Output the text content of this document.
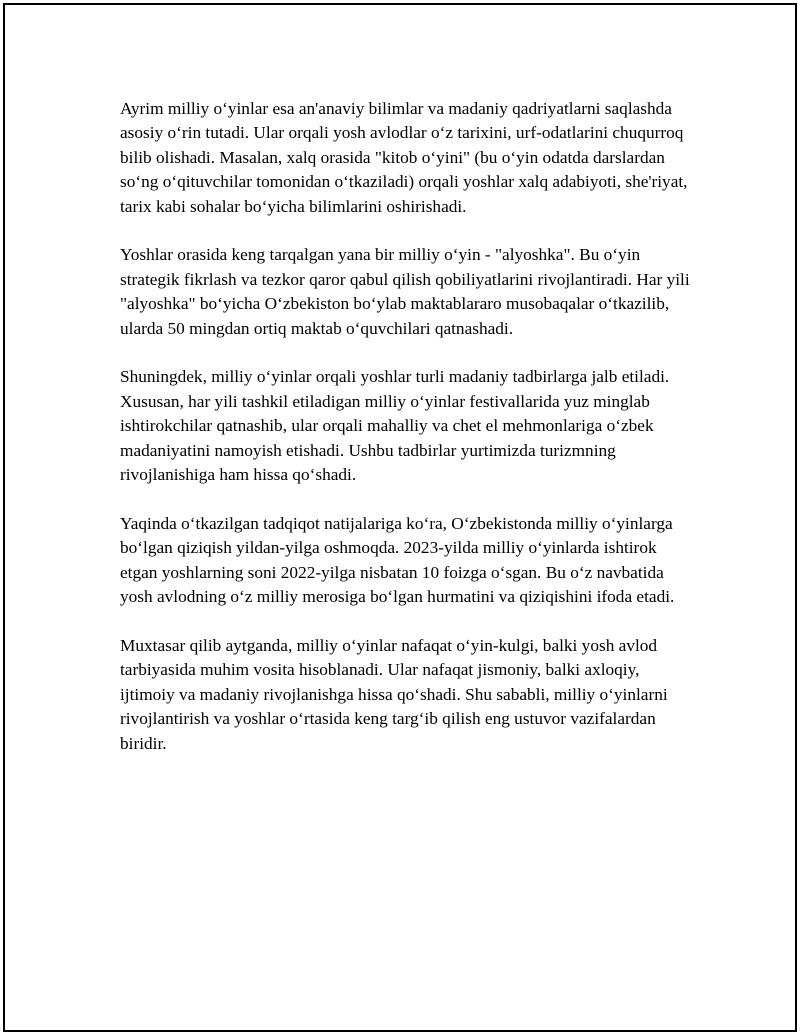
Ayrim milliy o‘yinlar esa an'anaviy bilimlar va madaniy qadriyatlarni saqlashda asosiy o‘rin tutadi. Ular orqali yosh avlodlar o‘z tarixini, urf-odatlarini chuqurroq bilib olishadi. Masalan, xalq orasida "kitob o‘yini" (bu o‘yin odatda darslardan so‘ng o‘qituvchilar tomonidan o‘tkaziladi) orqali yoshlar xalq adabiyoti, she'riyat, tarix kabi sohalar bo‘yicha bilimlarini oshirishadi.

Yoshlar orasida keng tarqalgan yana bir milliy o‘yin - "alyoshka". Bu o‘yin strategik fikrlash va tezkor qaror qabul qilish qobiliyatlarini rivojlantiradi. Har yili "alyoshka" bo‘yicha O‘zbekiston bo‘ylab maktablararo musobaqalar o‘tkazilib, ularda 50 mingdan ortiq maktab o‘quvchilari qatnashadi.

Shuningdek, milliy o‘yinlar orqali yoshlar turli madaniy tadbirlarga jalb etiladi. Xususan, har yili tashkil etiladigan milliy o‘yinlar festivallarida yuz minglab ishtirokchilar qatnashib, ular orqali mahalliy va chet el mehmonlariga o‘zbek madaniyatini namoyish etishadi. Ushbu tadbirlar yurtimizda turizmning rivojlanishiga ham hissa qo‘shadi.

Yaqinda o‘tkazilgan tadqiqot natijalariga ko‘ra, O‘zbekistonda milliy o‘yinlarga bo‘lgan qiziqish yildan-yilga oshmoqda. 2023-yilda milliy o‘yinlarda ishtirok etgan yoshlarning soni 2022-yilga nisbatan 10 foizga o‘sgan. Bu o‘z navbatida yosh avlodning o‘z milliy merosiga bo‘lgan hurmatini va qiziqishini ifoda etadi.

Muxtasar qilib aytganda, milliy o‘yinlar nafaqat o‘yin-kulgi, balki yosh avlod tarbiyasida muhim vosita hisoblanadi. Ular nafaqat jismoniy, balki axloqiy, ijtimoiy va madaniy rivojlanishga hissa qo‘shadi. Shu sababli, milliy o‘yinlarni rivojlantirish va yoshlar o‘rtasida keng targ‘ib qilish eng ustuvor vazifalardan biridir.
